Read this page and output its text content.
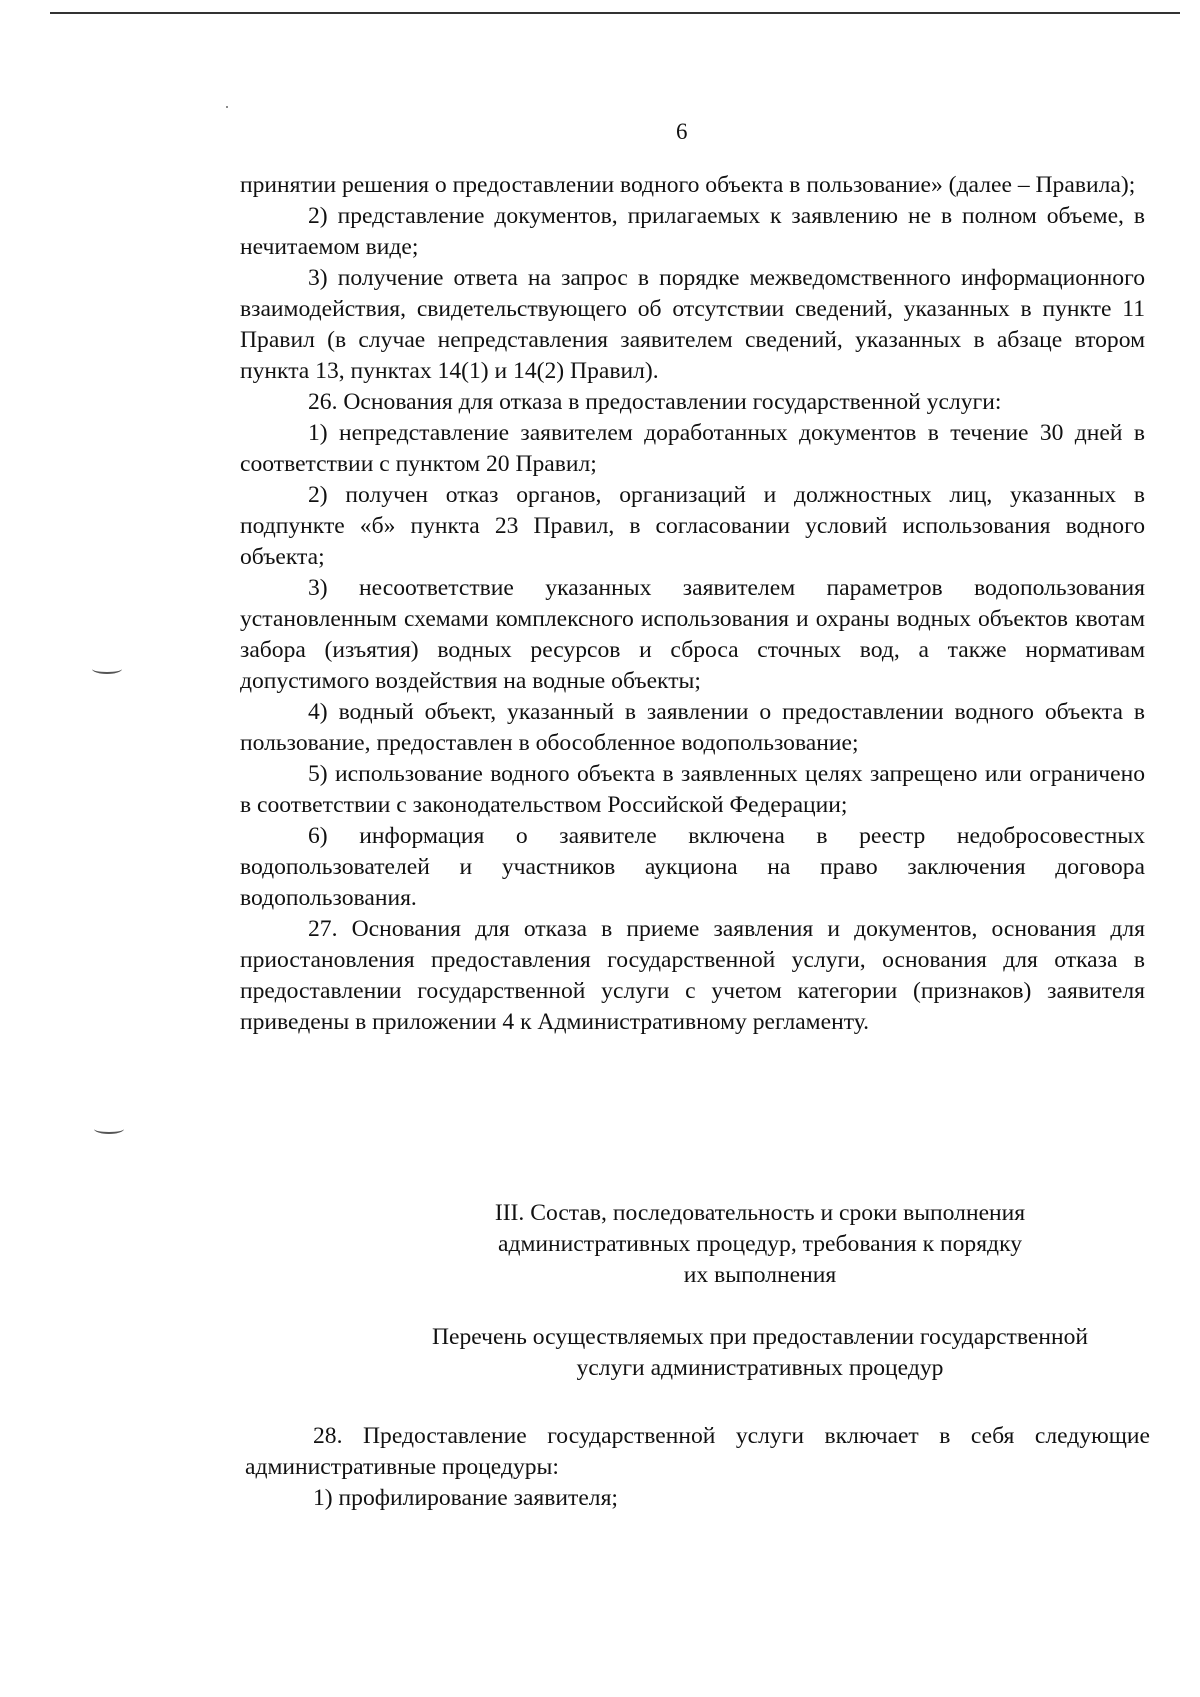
6

принятии решения о предоставлении водного объекта в пользование» (далее – Правила);

2) представление документов, прилагаемых к заявлению не в полном объеме, в нечитаемом виде;

3) получение ответа на запрос в порядке межведомственного информационного взаимодействия, свидетельствующего об отсутствии сведений, указанных в пункте 11 Правил (в случае непредставления заявителем сведений, указанных в абзаце втором пункта 13, пунктах 14(1) и 14(2) Правил).

26. Основания для отказа в предоставлении государственной услуги:

1) непредставление заявителем доработанных документов в течение 30 дней в соответствии с пунктом 20 Правил;

2) получен отказ органов, организаций и должностных лиц, указанных в подпункте «б» пункта 23 Правил, в согласовании условий использования водного объекта;

3) несоответствие указанных заявителем параметров водопользования установленным схемами комплексного использования и охраны водных объектов квотам забора (изъятия) водных ресурсов и сброса сточных вод, а также нормативам допустимого воздействия на водные объекты;

4) водный объект, указанный в заявлении о предоставлении водного объекта в пользование, предоставлен в обособленное водопользование;

5) использование водного объекта в заявленных целях запрещено или ограничено в соответствии с законодательством Российской Федерации;

6) информация о заявителе включена в реестр недобросовестных водопользователей и участников аукциона на право заключения договора водопользования.

27. Основания для отказа в приеме заявления и документов, основания для приостановления предоставления государственной услуги, основания для отказа в предоставлении государственной услуги с учетом категории (признаков) заявителя приведены в приложении 4 к Административному регламенту.

III. Состав, последовательность и сроки выполнения
административных процедур, требования к порядку
их выполнения
Перечень осуществляемых при предоставлении государственной
услуги административных процедур

28. Предоставление государственной услуги включает в себя следующие административные процедуры:

1) профилирование заявителя;
